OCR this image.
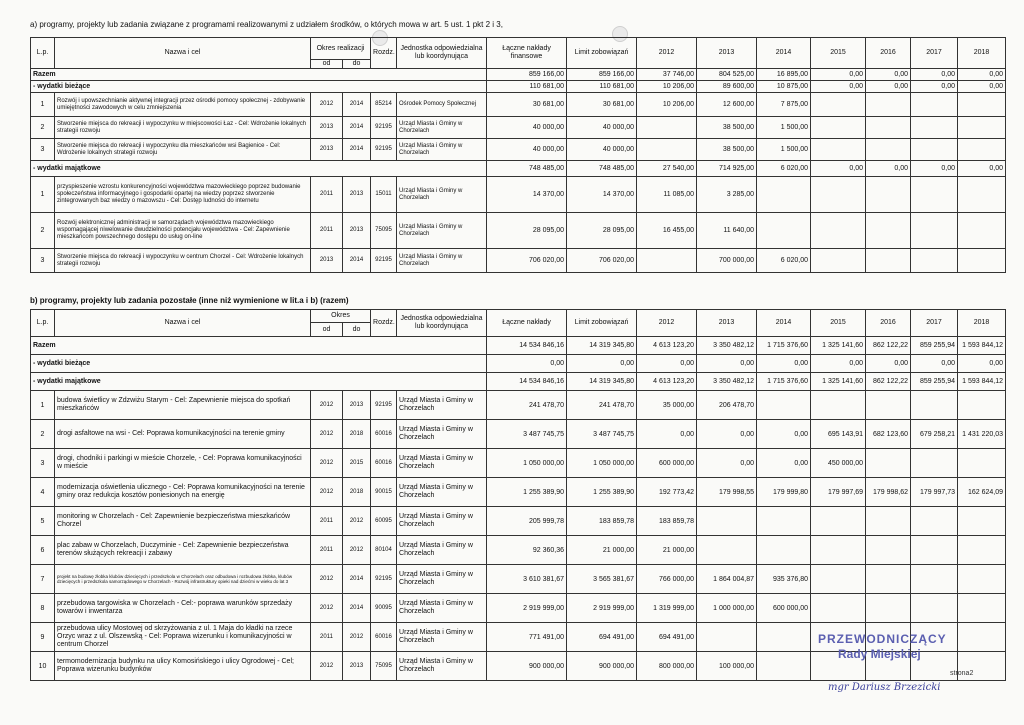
a) programy, projekty lub zadania związane z programami realizowanymi z udziałem środków, o których mowa w art. 5 ust. 1 pkt 2 i 3,
L.p.	Nazwa i cel	Okres realizacji		Rozdz.	Jednostka odpowiedzialna lub koordynująca	Łączne nakłady finansowe	Limit zobowiązań	2012	2013	2014	2015	2016	2017	2018
		od	do											
Razem						859 166,00	859 166,00	37 746,00	804 525,00	16 895,00	0,00	0,00	0,00	0,00
- wydatki bieżące						110 681,00	110 681,00	10 206,00	89 600,00	10 875,00	0,00	0,00	0,00	0,00
1	Rozwój i upowszechnianie aktywnej integracji przez ośrodki pomocy społecznej - zdobywanie umiejętności zawodowych w celu zmniejszenia	2012	2014	85214	Ośrodek Pomocy Społecznej	30 681,00	30 681,00	10 206,00	12 600,00	7 875,00				
2	Stworzenie miejsca do rekreacji i wypoczynku w miejscowości Łaz - Cel: Wdrożenie lokalnych strategii rozwoju	2013	2014	92195	Urząd Miasta i Gminy w Chorzelach	40 000,00	40 000,00		38 500,00	1 500,00				
3	Stworzenie miejsca do rekreacji i wypoczynku dla mieszkańców wsi Bagienice - Cel: Wdrożenie lokalnych strategii rozwoju	2013	2014	92195	Urząd Miasta i Gminy w Chorzelach	40 000,00	40 000,00		38 500,00	1 500,00				
- wydatki majątkowe						748 485,00	748 485,00	27 540,00	714 925,00	6 020,00	0,00	0,00	0,00	0,00
1	przyspieszenie wzrostu konkurencyjności województwa mazowieckiego poprzez budowanie społeczeństwa informacyjnego i gospodarki opartej na wiedzy poprzez stworzenie zintegrowanych baz wiedzy o mazowszu - Cel: Dostęp ludności do internetu	2011	2013	15011	Urząd Miasta i Gminy w Chorzelach	14 370,00	14 370,00	11 085,00	3 285,00					
2	Rozwój elektronicznej administracji w samorządach województwa mazowieckiego wspomagającej niwelowanie dwudzielności potencjału województwa - Cel: Zapewnienie mieszkańcom powszechnego dostępu do usług on-line	2011	2013	75095	Urząd Miasta i Gminy w Chorzelach	28 095,00	28 095,00	16 455,00	11 640,00					
3	Stworzenie miejsca do rekreacji i wypoczynku w centrum Chorzel - Cel: Wdrożenie lokalnych strategii rozwoju	2013	2014	92195	Urząd Miasta i Gminy w Chorzelach	706 020,00	706 020,00		700 000,00	6 020,00				
b) programy, projekty lub zadania pozostałe (inne niż wymienione w lit.a i b) (razem)
L.p.	Nazwa i cel	Okres		Rozdz.	Jednostka odpowiedzialna lub koordynująca	Łączne nakłady	Limit zobowiązań	2012	2013	2014	2015	2016	2017	2018
		od	do											
Razem						14 534 846,16	14 319 345,80	4 613 123,20	3 350 482,12	1 715 376,60	1 325 141,60	862 122,22	859 255,94	1 593 844,12
- wydatki bieżące						0,00	0,00	0,00	0,00	0,00	0,00	0,00	0,00	0,00
- wydatki majątkowe						14 534 846,16	14 319 345,80	4 613 123,20	3 350 482,12	1 715 376,60	1 325 141,60	862 122,22	859 255,94	1 593 844,12
1	budowa świetlicy w Zdzwiżu Starym - Cel: Zapewnienie miejsca do spotkań mieszkańców	2012	2013	92195	Urząd Miasta i Gminy w Chorzelach	241 478,70	241 478,70	35 000,00	206 478,70					
2	drogi asfaltowe na wsi - Cel: Poprawa komunikacyjności na terenie gminy	2012	2018	60016	Urząd Miasta i Gminy w Chorzelach	3 487 745,75	3 487 745,75	0,00	0,00	0,00	695 143,91	682 123,60	679 258,21	1 431 220,03
3	drogi, chodniki i parkingi w mieście Chorzele, - Cel: Poprawa komunikacyjności w mieście	2012	2015	60016	Urząd Miasta i Gminy w Chorzelach	1 050 000,00	1 050 000,00	600 000,00	0,00	0,00	450 000,00			
4	modernizacja oświetlenia ulicznego - Cel: Poprawa komunikacyjności na terenie gminy oraz redukcja kosztów poniesionych na energię	2012	2018	90015	Urząd Miasta i Gminy w Chorzelach	1 255 389,90	1 255 389,90	192 773,42	179 998,55	179 999,80	179 997,69	179 998,62	179 997,73	162 624,09
5	monitoring w Chorzelach - Cel: Zapewnienie bezpieczeństwa mieszkańców Chorzel	2011	2012	60095	Urząd Miasta i Gminy w Chorzelach	205 999,78	183 859,78	183 859,78						
6	plac zabaw w Chorzelach, Duczyminie - Cel: Zapewnienie bezpieczeństwa terenów służących rekreacji i zabawy	2011	2012	80104	Urząd Miasta i Gminy w Chorzelach	92 360,36	21 000,00	21 000,00						
7	projekt na budowę żłobka klubów dziecięcych i przedszkola w Chorzelach oraz odbudowa i rozbudowa żłobka, klubów dziecięcych i przedszkola samorządowego w Chorzelach - Rozwój infrastruktury opieki nad dziećmi w wieku do lat 3	2012	2014	92195	Urząd Miasta i Gminy w Chorzelach	3 610 381,67	3 565 381,67	766 000,00	1 864 004,87	935 376,80				
8	przebudowa targowiska w Chorzelach - Cel:- poprawa warunków sprzedaży towarów i inwentarza	2012	2014	90095	Urząd Miasta i Gminy w Chorzelach	2 919 999,00	2 919 999,00	1 319 999,00	1 000 000,00	600 000,00				
9	przebudowa ulicy Mostowej od skrzyżowania z ul. 1 Maja do kładki na rzece Orzyc wraz z ul. Olszewską - Cel: Poprawa wizerunku i komunikacyjności w centrum Chorzel	2011	2012	60016	Urząd Miasta i Gminy w Chorzelach	771 491,00	694 491,00	694 491,00						
10	termomodernizacja budynku na ulicy Komosińskiego i ulicy Ogrodowej - Cel; Poprawa wizerunku budynków	2012	2013	75095	Urząd Miasta i Gminy w Chorzelach	900 000,00	900 000,00	800 000,00	100 000,00					
PRZEWODNICZĄCY
Rady Miejskiej
mgr Dariusz Brzezicki
strona2
